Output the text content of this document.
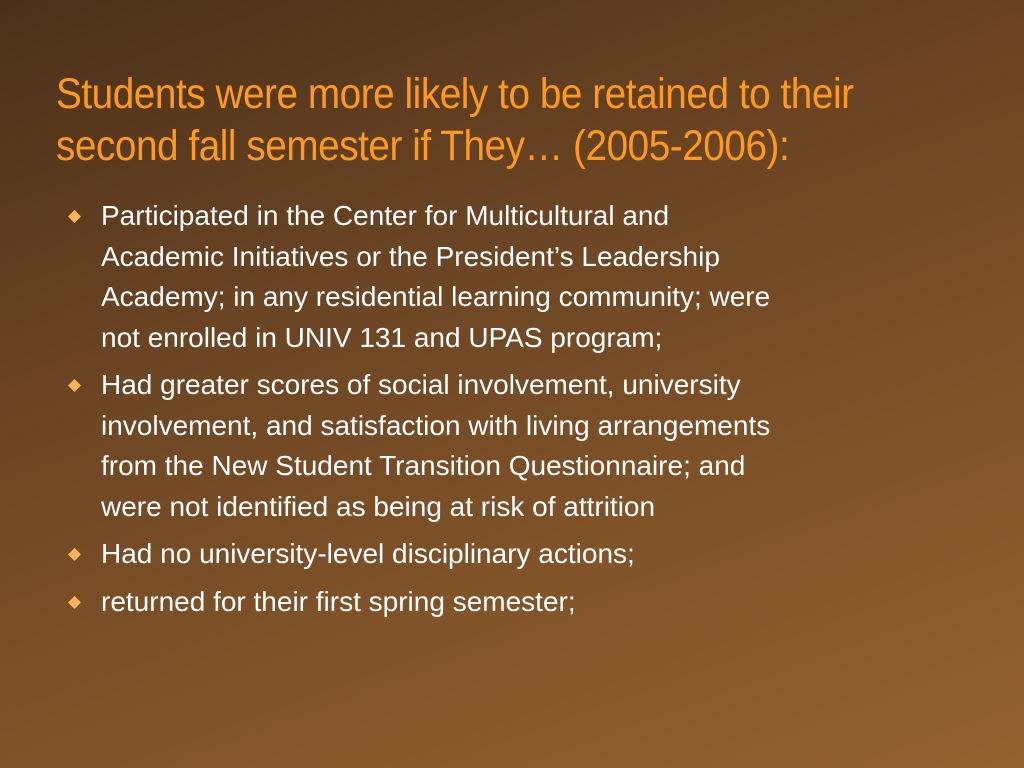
Students were more likely to be retained to their
second fall semester if They… (2005-2006):
Participated in the Center for Multicultural and
Academic Initiatives or the President’s Leadership
Academy; in any residential learning community; were
not enrolled in UNIV 131 and UPAS program;
Had greater scores of social involvement, university
involvement, and satisfaction with living arrangements
from the New Student Transition Questionnaire; and
were not identified as being at risk of attrition
Had no university-level disciplinary actions;
returned for their first spring semester;
